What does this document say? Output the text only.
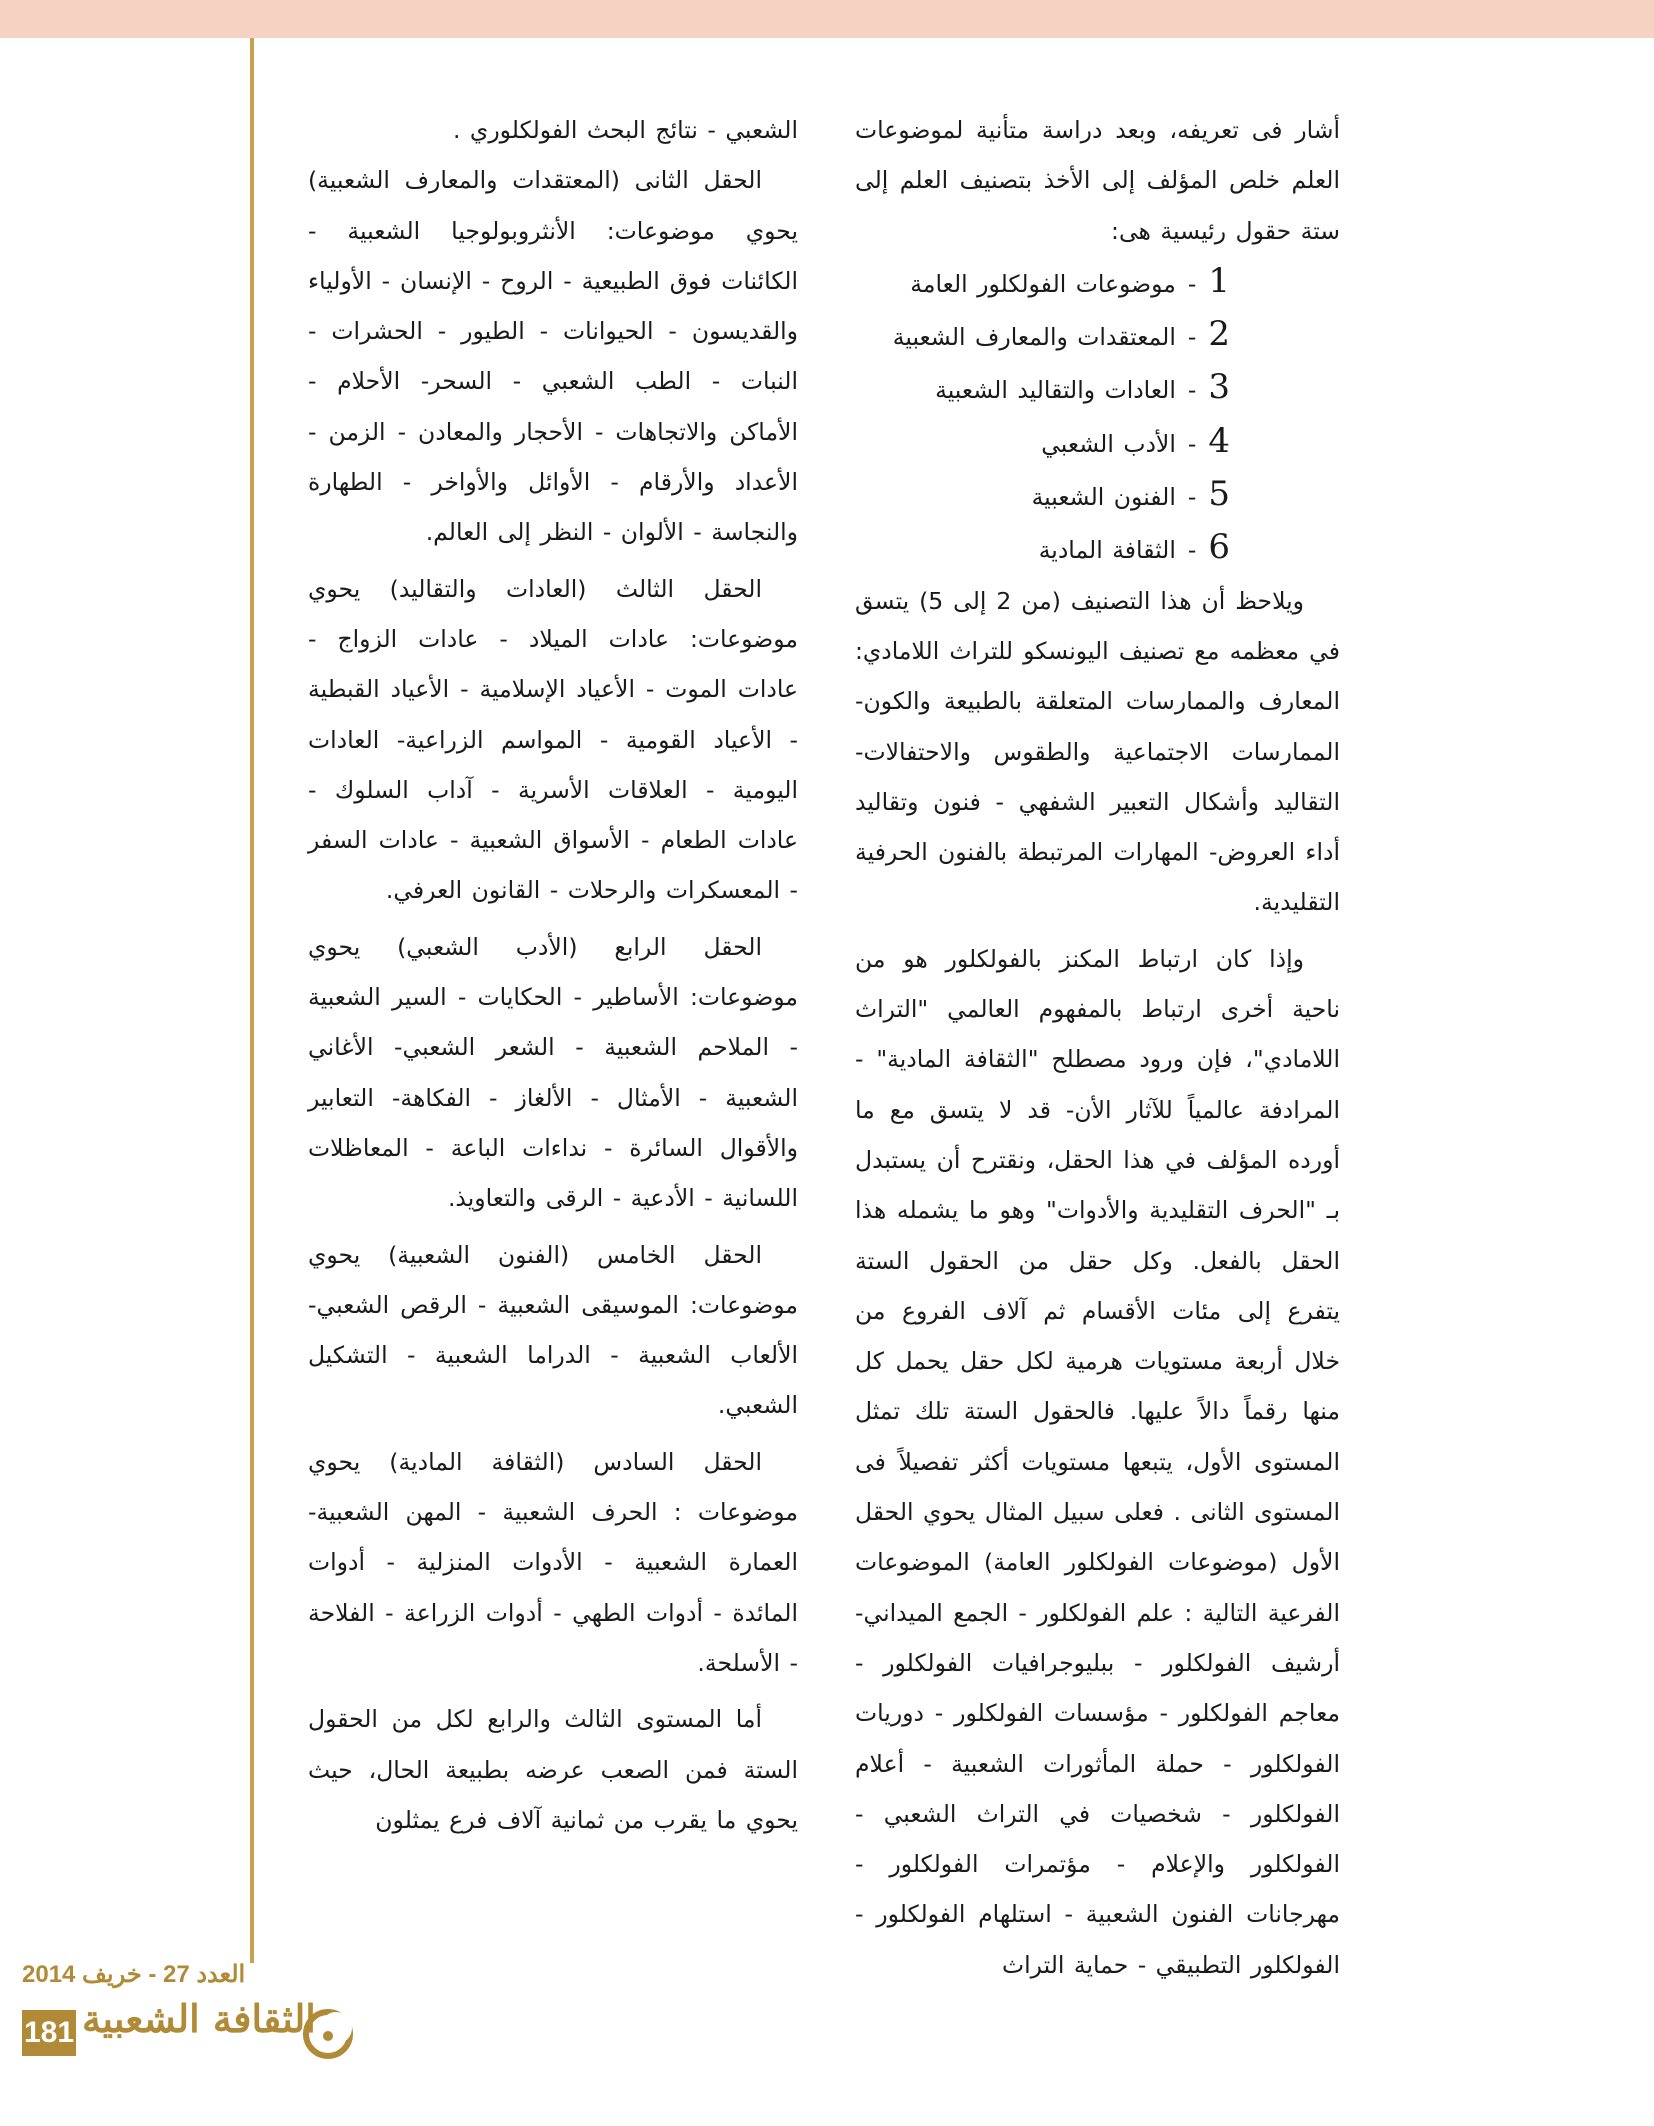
أشار فى تعريفه، وبعد دراسة متأنية لموضوعات العلم خلص المؤلف إلى الأخذ بتصنيف العلم إلى ستة حقول رئيسية هى:

1
-
موضوعات الفولكلور العامة
2
-
المعتقدات والمعارف الشعبية
3
-
العادات والتقاليد الشعبية
4
-
الأدب الشعبي
5
-
الفنون الشعبية
6
-
الثقافة المادية

ويلاحظ أن هذا التصنيف (من 2 إلى 5) يتسق في معظمه مع تصنيف اليونسكو للتراث اللامادي: المعارف والممارسات المتعلقة بالطبيعة والكون- الممارسات الاجتماعية والطقوس والاحتفالات- التقاليد وأشكال التعبير الشفهي - فنون وتقاليد أداء العروض- المهارات المرتبطة بالفنون الحرفية التقليدية.

وإذا كان ارتباط المكنز بالفولكلور هو من ناحية أخرى ارتباط بالمفهوم العالمي "التراث اللامادي"، فإن ورود مصطلح "الثقافة المادية" - المرادفة عالمياً للآثار الأن- قد لا يتسق مع ما أورده المؤلف في هذا الحقل، ونقترح أن يستبدل بـ "الحرف التقليدية والأدوات" وهو ما يشمله هذا الحقل بالفعل. وكل حقل من الحقول الستة يتفرع إلى مئات الأقسام ثم آلاف الفروع من خلال أربعة مستويات هرمية لكل حقل يحمل كل منها رقماً دالاً عليها. فالحقول الستة تلك تمثل المستوى الأول، يتبعها مستويات أكثر تفصيلاً فى المستوى الثانى . فعلى سبيل المثال يحوي الحقل الأول (موضوعات الفولكلور العامة) الموضوعات الفرعية التالية : علم الفولكلور - الجمع الميداني- أرشيف الفولكلور - ببليوجرافيات الفولكلور - معاجم الفولكلور - مؤسسات الفولكلور - دوريات الفولكلور - حملة المأثورات الشعبية - أعلام الفولكلور - شخصيات في التراث الشعبي - الفولكلور والإعلام - مؤتمرات الفولكلور - مهرجانات الفنون الشعبية - استلهام الفولكلور - الفولكلور التطبيقي - حماية التراث

الشعبي - نتائج البحث الفولكلوري .

الحقل الثانى (المعتقدات والمعارف الشعبية) يحوي موضوعات: الأنثروبولوجيا الشعبية - الكائنات فوق الطبيعية - الروح - الإنسان - الأولياء والقديسون - الحيوانات - الطيور - الحشرات - النبات - الطب الشعبي - السحر- الأحلام - الأماكن والاتجاهات - الأحجار والمعادن - الزمن - الأعداد والأرقام - الأوائل والأواخر - الطهارة والنجاسة - الألوان - النظر إلى العالم.

الحقل الثالث (العادات والتقاليد) يحوي موضوعات: عادات الميلاد - عادات الزواج - عادات الموت - الأعياد الإسلامية - الأعياد القبطية - الأعياد القومية - المواسم الزراعية- العادات اليومية - العلاقات الأسرية - آداب السلوك - عادات الطعام - الأسواق الشعبية - عادات السفر - المعسكرات والرحلات - القانون العرفي.

الحقل الرابع (الأدب الشعبي) يحوي موضوعات: الأساطير - الحكايات - السير الشعبية - الملاحم الشعبية - الشعر الشعبي- الأغاني الشعبية - الأمثال - الألغاز - الفكاهة- التعابير والأقوال السائرة - نداءات الباعة - المعاظلات اللسانية - الأدعية - الرقى والتعاويذ.

الحقل الخامس (الفنون الشعبية) يحوي موضوعات: الموسيقى الشعبية - الرقص الشعبي- الألعاب الشعبية - الدراما الشعبية - التشكيل الشعبي.

الحقل السادس (الثقافة المادية) يحوي موضوعات : الحرف الشعبية - المهن الشعبية- العمارة الشعبية - الأدوات المنزلية - أدوات المائدة - أدوات الطهي - أدوات الزراعة - الفلاحة - الأسلحة.

أما المستوى الثالث والرابع لكل من الحقول الستة فمن الصعب عرضه بطبيعة الحال، حيث يحوي ما يقرب من ثمانية آلاف فرع يمثلون

العدد 27 - خريف 2014
181 الثقافة الشعبية
